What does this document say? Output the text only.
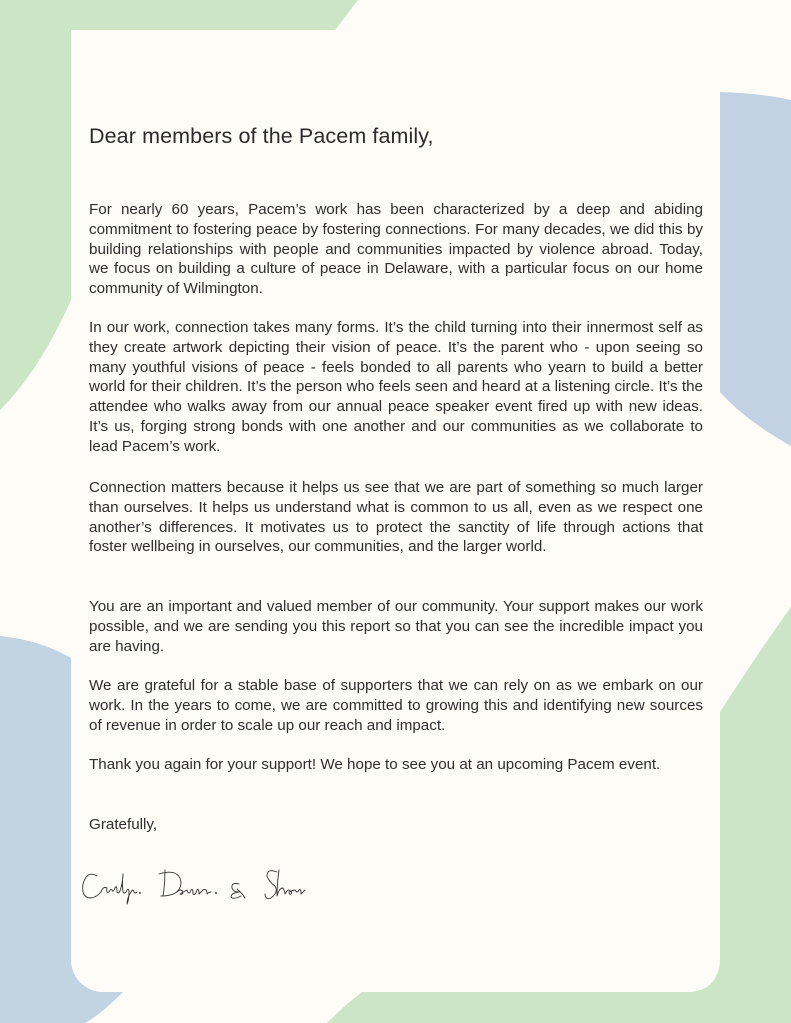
Dear members of the Pacem family,

For nearly 60 years, Pacem’s work has been characterized by a deep and abiding commitment to fostering peace by fostering connections. For many decades, we did this by building relationships with people and communities impacted by violence abroad. Today, we focus on building a culture of peace in Delaware, with a particular focus on our home community of Wilmington.

In our work, connection takes many forms. It’s the child turning into their innermost self as they create artwork depicting their vision of peace. It’s the parent who - upon seeing so many youthful visions of peace - feels bonded to all parents who yearn to build a better world for their children. It’s the person who feels seen and heard at a listening circle. It’s the attendee who walks away from our annual peace speaker event fired up with new ideas. It’s us, forging strong bonds with one another and our communities as we collaborate to lead Pacem’s work.

Connection matters because it helps us see that we are part of something so much larger than ourselves. It helps us understand what is common to us all, even as we respect one another’s differences. It motivates us to protect the sanctity of life through actions that foster wellbeing in ourselves, our communities, and the larger world.

You are an important and valued member of our community. Your support makes our work possible, and we are sending you this report so that you can see the incredible impact you are having.

We are grateful for a stable base of supporters that we can rely on as we embark on our work. In the years to come, we are committed to growing this and identifying new sources of revenue in order to scale up our reach and impact.

Thank you again for your support! We hope to see you at an upcoming Pacem event.

Gratefully,
